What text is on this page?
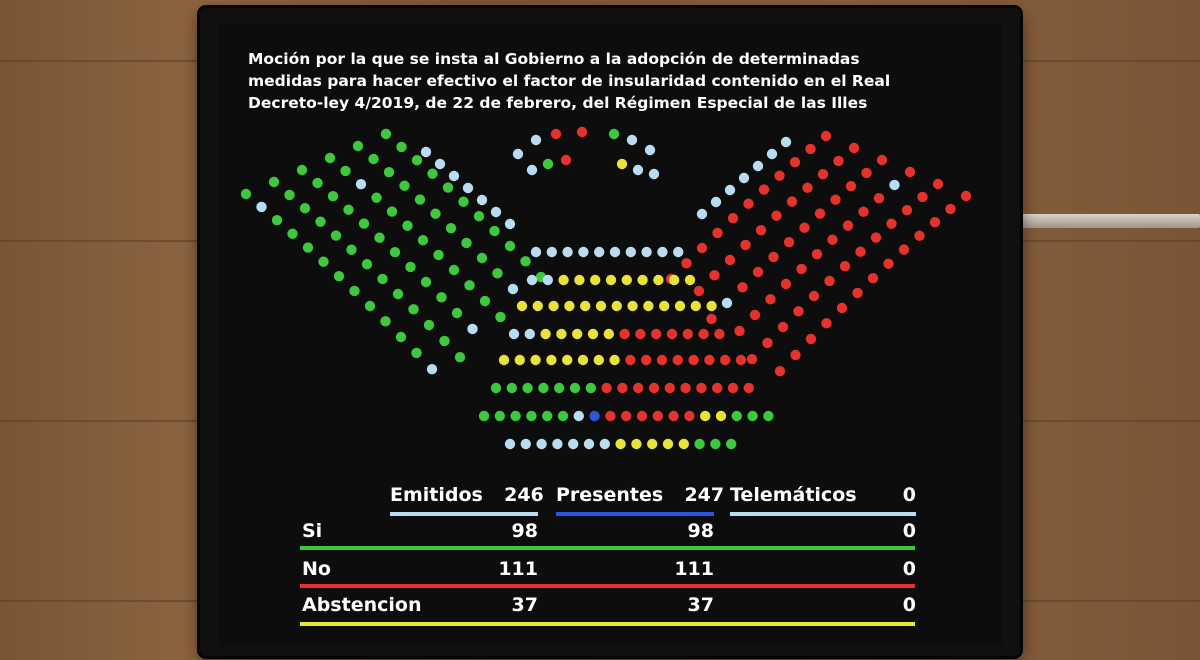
Moción por la que se insta al Gobierno a la adopción de determinadas
medidas para hacer efectivo el factor de insularidad contenido en el Real
Decreto-ley 4/2019, de 22 de febrero, del Régimen Especial de las Illes

Emitidos 246 Presentes 247 Telemáticos 0
Si	98	98	0
No	111	111	0
Abstencion	37	37	0
